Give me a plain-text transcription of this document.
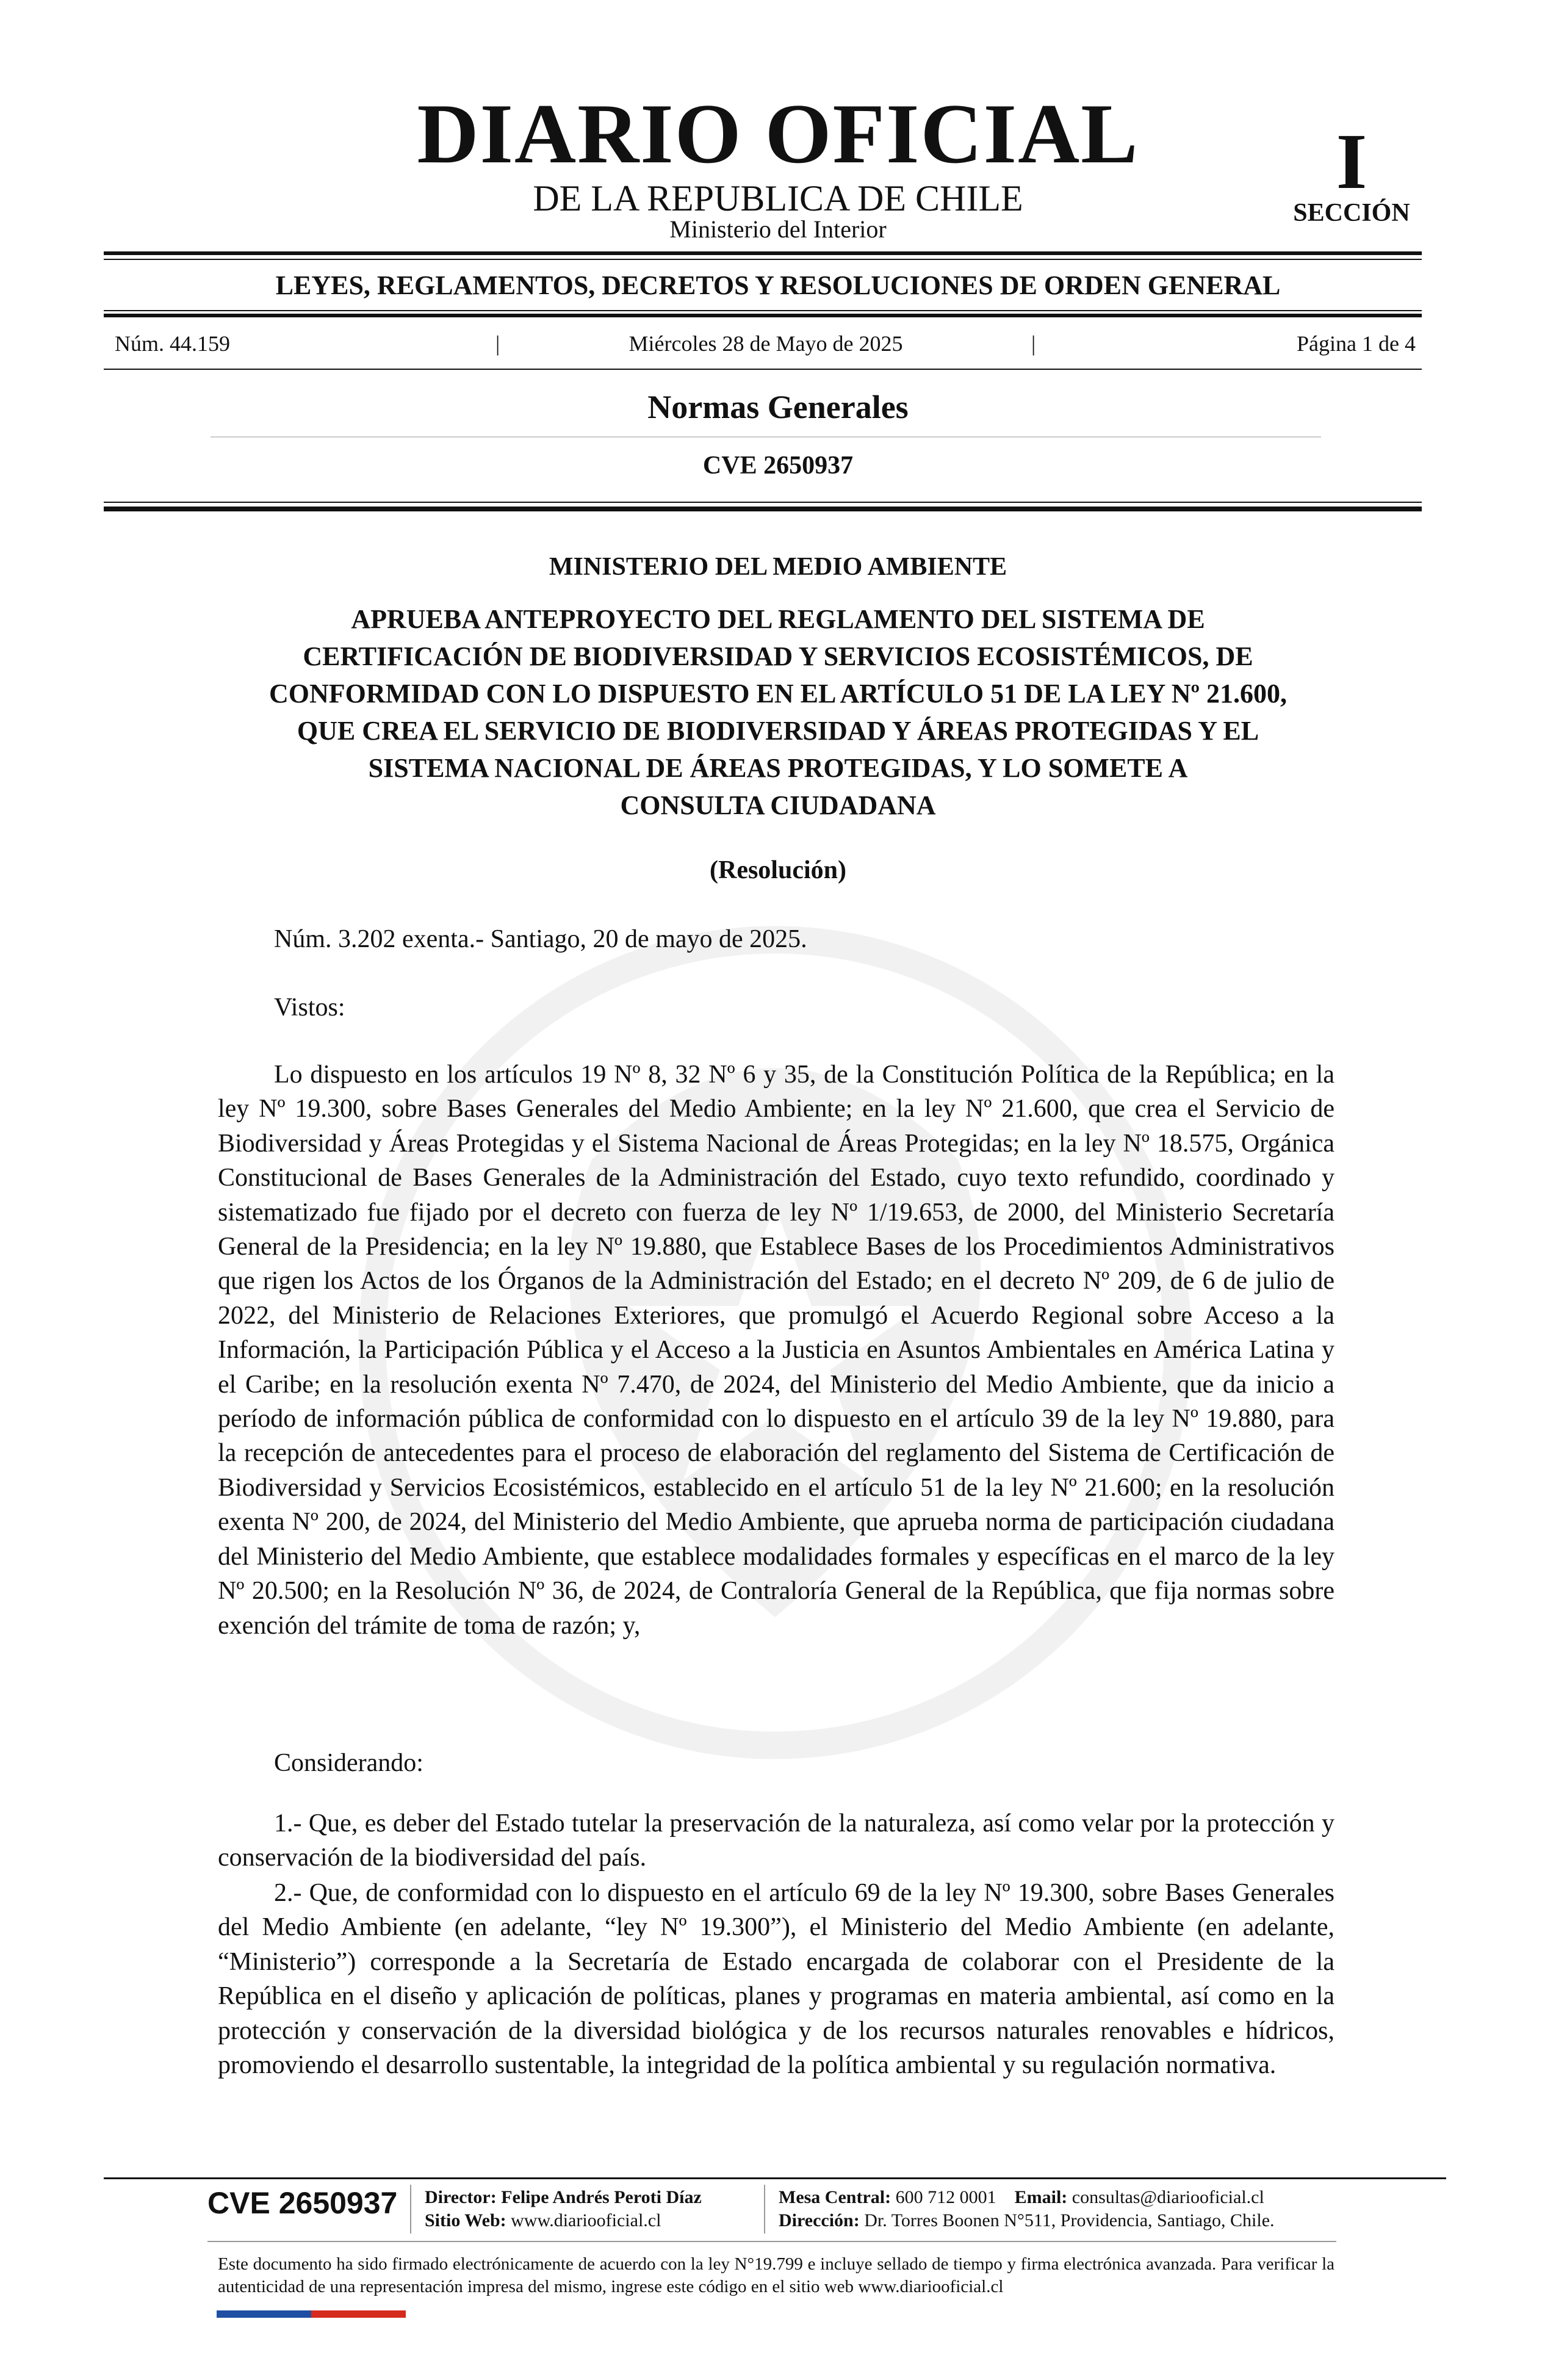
DIARIO OFICIAL
DE LA REPUBLICA DE CHILE
Ministerio del Interior
I
SECCIÓN
LEYES, REGLAMENTOS, DECRETOS Y RESOLUCIONES DE ORDEN GENERAL
Núm. 44.159	|	Miércoles 28 de Mayo de 2025	|	Página 1 de 4
Normas Generales
CVE 2650937
MINISTERIO DEL MEDIO AMBIENTE
APRUEBA ANTEPROYECTO DEL REGLAMENTO DEL SISTEMA DE
CERTIFICACIÓN DE BIODIVERSIDAD Y SERVICIOS ECOSISTÉMICOS, DE
CONFORMIDAD CON LO DISPUESTO EN EL ARTÍCULO 51 DE LA LEY Nº 21.600,
QUE CREA EL SERVICIO DE BIODIVERSIDAD Y ÁREAS PROTEGIDAS Y EL
SISTEMA NACIONAL DE ÁREAS PROTEGIDAS, Y LO SOMETE A
CONSULTA CIUDADANA
(Resolución)
Núm. 3.202 exenta.- Santiago, 20 de mayo de 2025.
Vistos:

Lo dispuesto en los artículos 19 Nº 8, 32 Nº 6 y 35, de la Constitución Política de la República; en la ley Nº 19.300, sobre Bases Generales del Medio Ambiente; en la ley Nº 21.600, que crea el Servicio de Biodiversidad y Áreas Protegidas y el Sistema Nacional de Áreas Protegidas; en la ley Nº 18.575, Orgánica Constitucional de Bases Generales de la Administración del Estado, cuyo texto refundido, coordinado y sistematizado fue fijado por el decreto con fuerza de ley Nº 1/19.653, de 2000, del Ministerio Secretaría General de la Presidencia; en la ley Nº 19.880, que Establece Bases de los Procedimientos Administrativos que rigen los Actos de los Órganos de la Administración del Estado; en el decreto Nº 209, de 6 de julio de 2022, del Ministerio de Relaciones Exteriores, que promulgó el Acuerdo Regional sobre Acceso a la Información, la Participación Pública y el Acceso a la Justicia en Asuntos Ambientales en América Latina y el Caribe; en la resolución exenta Nº 7.470, de 2024, del Ministerio del Medio Ambiente, que da inicio a período de información pública de conformidad con lo dispuesto en el artículo 39 de la ley Nº 19.880, para la recepción de antecedentes para el proceso de elaboración del reglamento del Sistema de Certificación de Biodiversidad y Servicios Ecosistémicos, establecido en el artículo 51 de la ley Nº 21.600; en la resolución exenta Nº 200, de 2024, del Ministerio del Medio Ambiente, que aprueba norma de participación ciudadana del Ministerio del Medio Ambiente, que establece modalidades formales y específicas en el marco de la ley Nº 20.500; en la Resolución Nº 36, de 2024, de Contraloría General de la República, que fija normas sobre exención del trámite de toma de razón; y,

Considerando:

1.- Que, es deber del Estado tutelar la preservación de la naturaleza, así como velar por la protección y conservación de la biodiversidad del país.

2.- Que, de conformidad con lo dispuesto en el artículo 69 de la ley Nº 19.300, sobre Bases Generales del Medio Ambiente (en adelante, “ley Nº 19.300”), el Ministerio del Medio Ambiente (en adelante, “Ministerio”) corresponde a la Secretaría de Estado encargada de colaborar con el Presidente de la República en el diseño y aplicación de políticas, planes y programas en materia ambiental, así como en la protección y conservación de la diversidad biológica y de los recursos naturales renovables e hídricos, promoviendo el desarrollo sustentable, la integridad de la política ambiental y su regulación normativa.

CVE 2650937 Director: Felipe Andrés Peroti Díaz
Sitio Web: www.diariooficial.cl
Mesa Central: 600 712 0001 Email: consultas@diariooficial.cl
Dirección: Dr. Torres Boonen N°511, Providencia, Santiago, Chile.
Este documento ha sido firmado electrónicamente de acuerdo con la ley N°19.799 e incluye sellado de tiempo y firma electrónica avanzada. Para verificar la autenticidad de una representación impresa del mismo, ingrese este código en el sitio web www.diariooficial.cl
